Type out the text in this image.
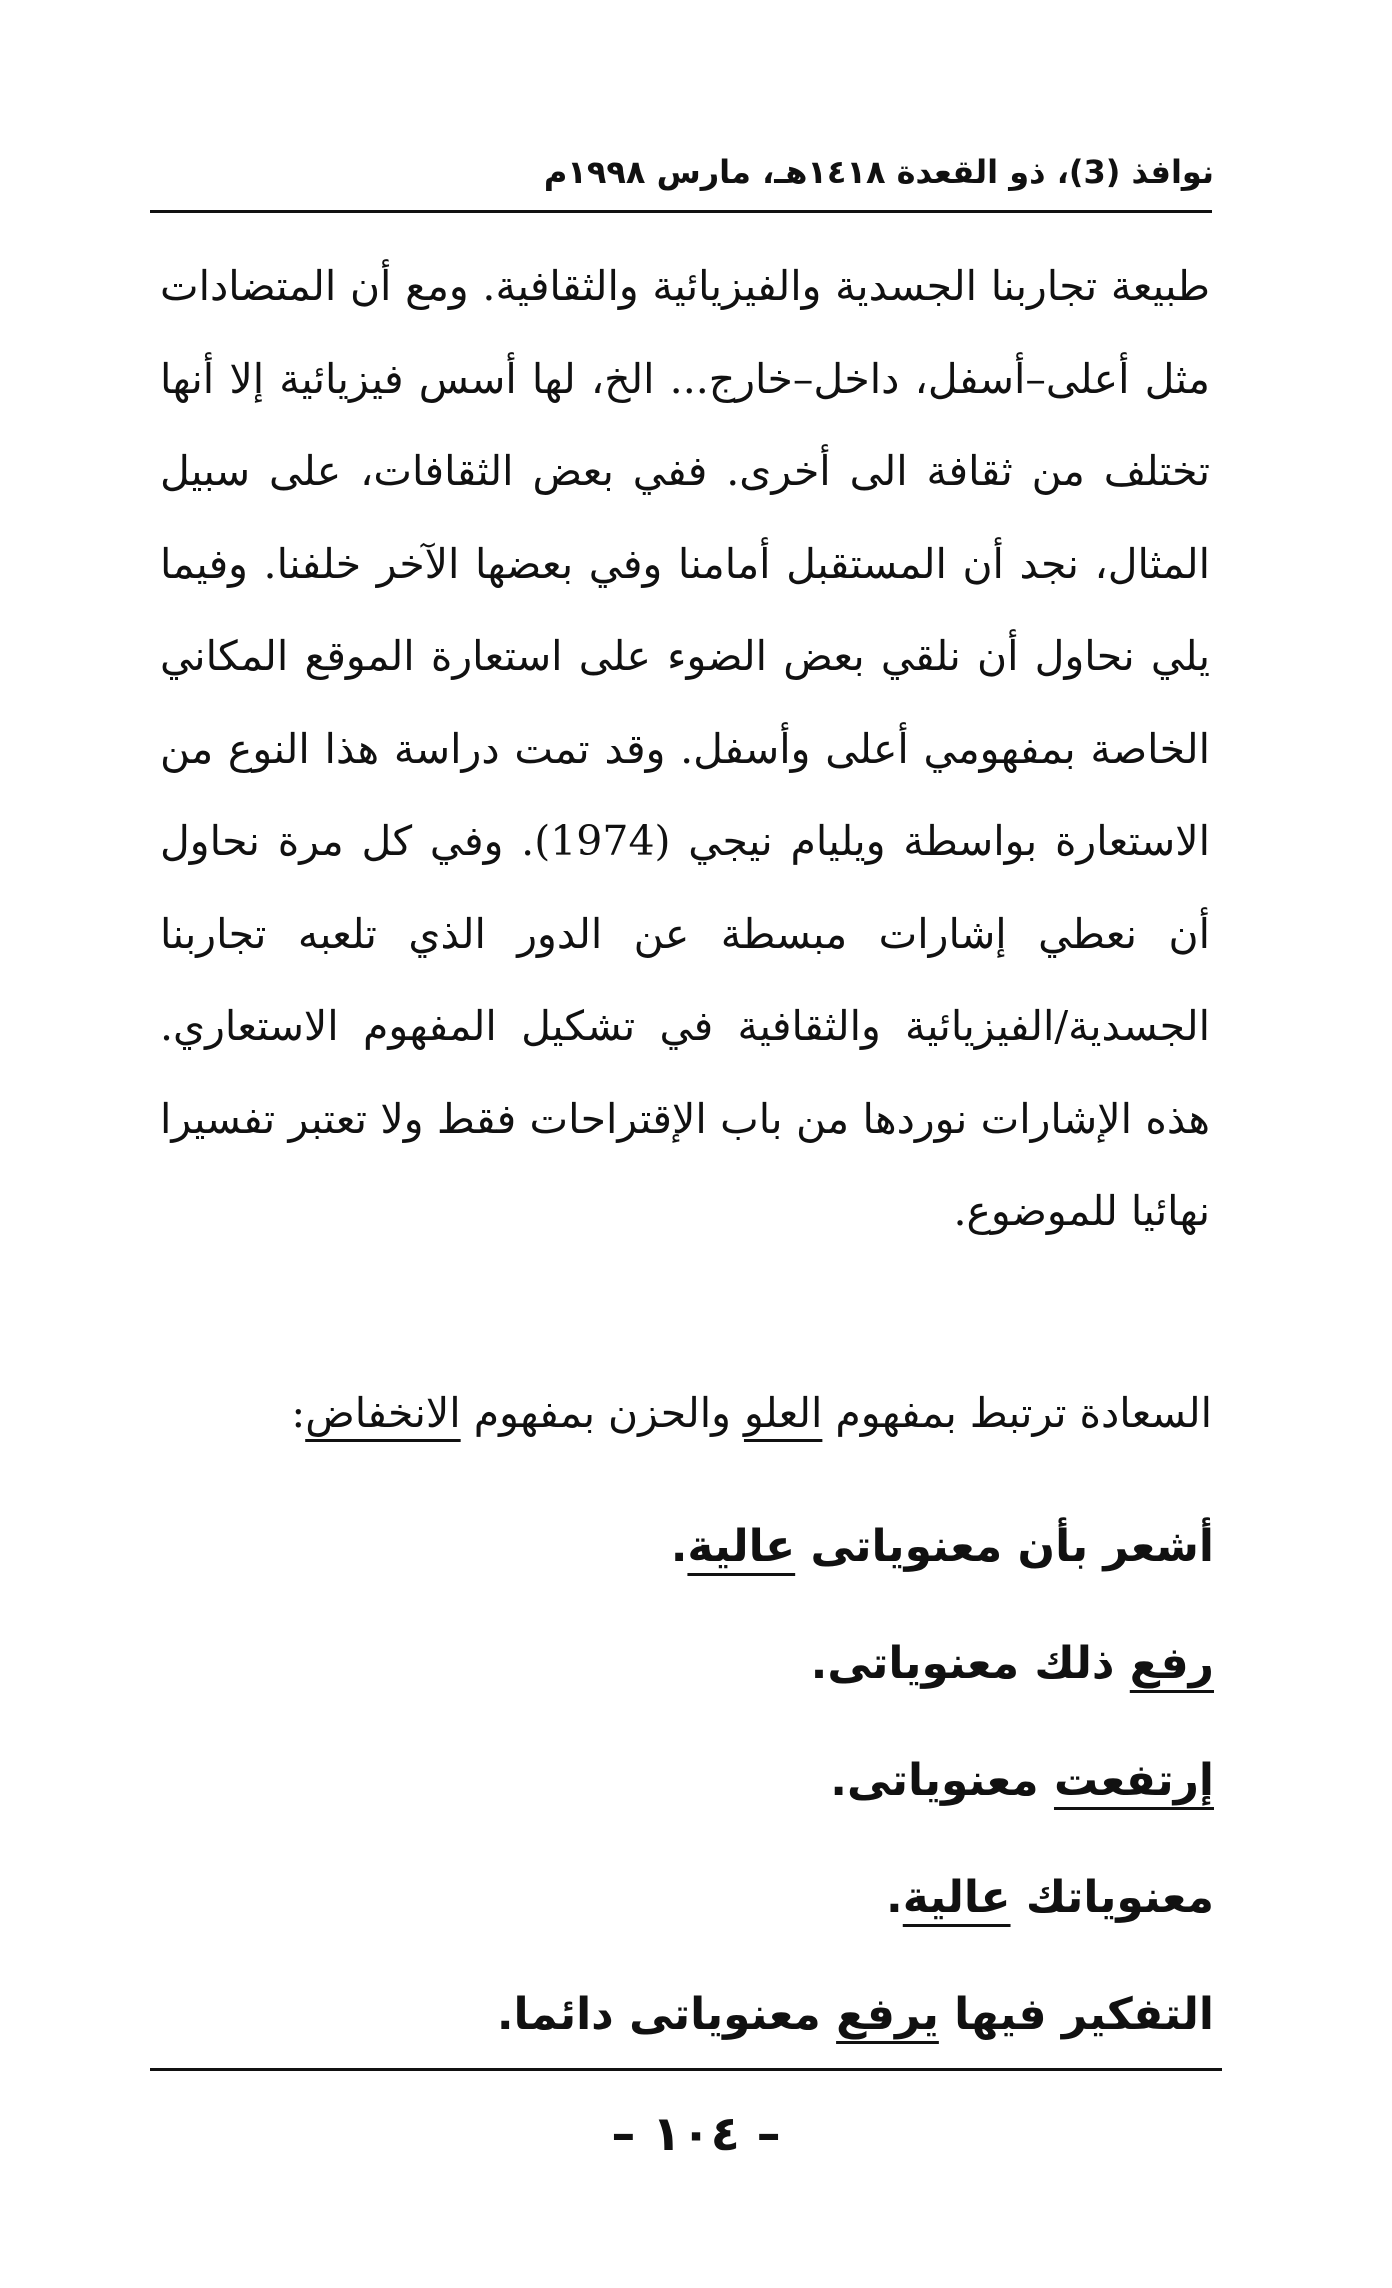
نوافذ (3)، ذو القعدة ١٤١٨هـ، مارس ١٩٩٨م

طبيعة تجاربنا الجسدية والفيزيائية والثقافية. ومع أن المتضادات مثل أعلى–أسفل، داخل–خارج... الخ، لها أسس فيزيائية إلا أنها تختلف من ثقافة الى أخرى. ففي بعض الثقافات، على سبيل المثال، نجد أن المستقبل أمامنا وفي بعضها الآخر خلفنا. وفيما يلي نحاول أن نلقي بعض الضوء على استعارة الموقع المكاني الخاصة بمفهومي أعلى وأسفل. وقد تمت دراسة هذا النوع من الاستعارة بواسطة ويليام نيجي (1974). وفي كل مرة نحاول أن نعطي إشارات مبسطة عن الدور الذي تلعبه تجاربنا الجسدية/الفيزيائية والثقافية في تشكيل المفهوم الاستعاري. هذه الإشارات نوردها من باب الإقتراحات فقط ولا تعتبر تفسيرا نهائيا للموضوع.

السعادة ترتبط بمفهوم العلو والحزن بمفهوم الانخفاض:
أشعر بأن معنوياتى عالية.
رفع ذلك معنوياتى.
إرتفعت معنوياتى.
معنوياتك عالية.
التفكير فيها يرفع معنوياتى دائما.
– ١٠٤ –
